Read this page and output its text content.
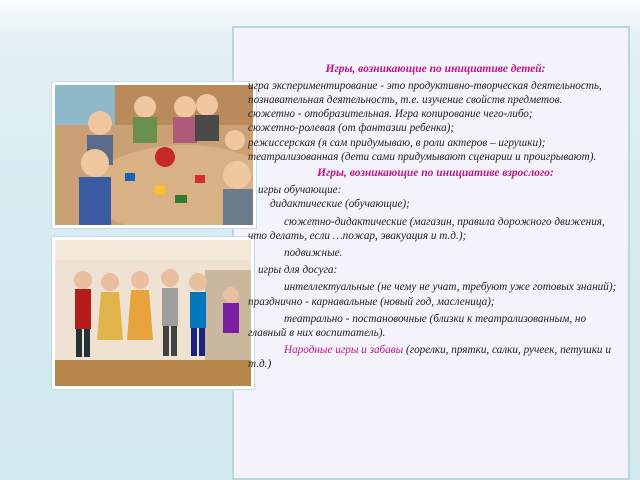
Игры, возникающие по инициативе детей:

игра экспериментирование - это продуктивно-творческая деятельность, познавательная деятельность, т.е. изучение свойств предметов.

сюжетно - отобразительная. Игра копирование чего-либо;

сюжетно-ролевая (от фантазии ребенка);

режиссерская (я сам придумываю, в роли актеров – игрушки);

театрализованная (дети сами придумывают сценарии и проигрывают).

Игры, возникающие по инициативе взрослого:

игры обучающие:

дидактические (обучающие);

сюжетно-дидактические (магазин, правила дорожного движения, что делать, если …пожар, эвакуация и т.д.);

подвижные.

игры для досуга:

интеллектуальные (не чему не учат, требуют уже готовых знаний); празднично - карнавальные (новый год, масленица);

театрально - постановочные (близки к театрализованным, но главный в них воспитатель).

Народные игры и забавы (горелки, прятки, салки, ручеек, петушки и т.д.)
